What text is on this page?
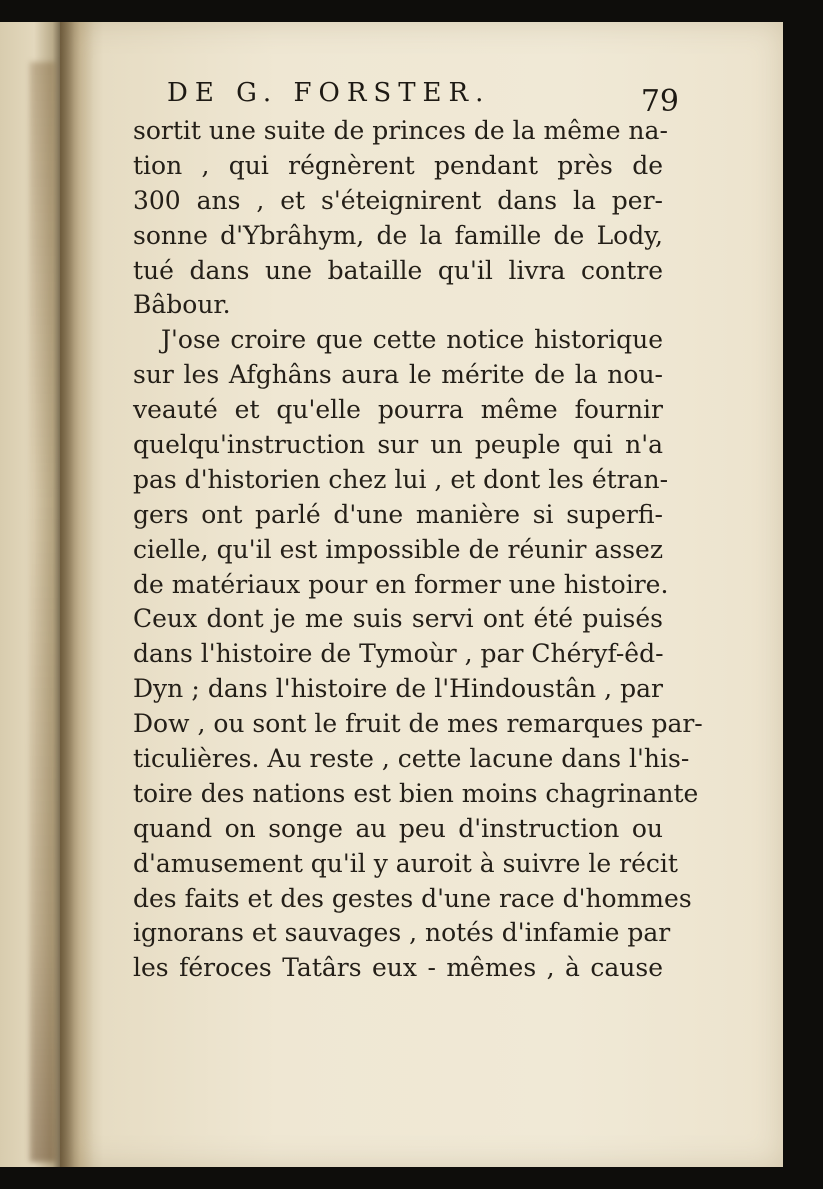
DE G. FORSTER.	79
sortit une suite de princes de la même na-
tion , qui régnèrent pendant près de
300 ans , et s'éteignirent dans la per-
sonne d'Ybrâhym, de la famille de Lody,
tué dans une bataille qu'il livra contre
Bâbour.
J'ose croire que cette notice historique
sur les Afghâns aura le mérite de la nou-
veauté et qu'elle pourra même fournir
quelqu'instruction sur un peuple qui n'a
pas d'historien chez lui , et dont les étran-
gers ont parlé d'une manière si superfi-
cielle, qu'il est impossible de réunir assez
de matériaux pour en former une histoire.
Ceux dont je me suis servi ont été puisés
dans l'histoire de Tymoùr , par Chéryf-êd-
Dyn ; dans l'histoire de l'Hindoustân , par
Dow , ou sont le fruit de mes remarques par-
ticulières. Au reste , cette lacune dans l'his-
toire des nations est bien moins chagrinante
quand on songe au peu d'instruction ou
d'amusement qu'il y auroit à suivre le récit
des faits et des gestes d'une race d'hommes
ignorans et sauvages , notés d'infamie par
les féroces Tatârs eux - mêmes , à cause
